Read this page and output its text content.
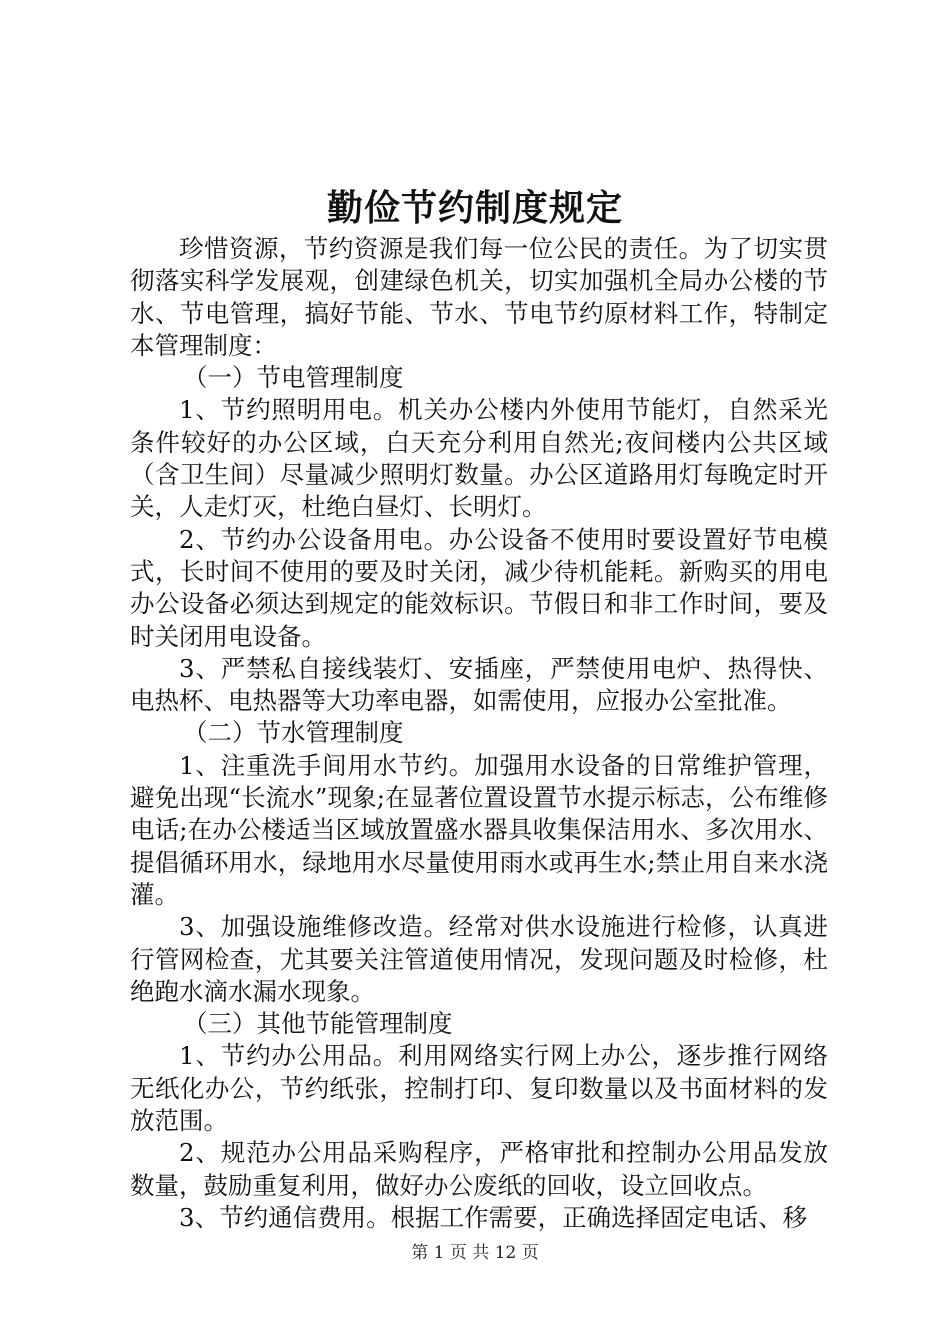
勤俭节约制度规定

珍惜资源，节约资源是我们每一位公民的责任。为了切实贯彻落实科学发展观，创建绿色机关，切实加强机全局办公楼的节水、节电管理，搞好节能、节水、节电节约原材料工作，特制定本管理制度：

（一）节电管理制度

1、节约照明用电。机关办公楼内外使用节能灯，自然采光条件较好的办公区域，白天充分利用自然光;夜间楼内公共区域（含卫生间）尽量减少照明灯数量。办公区道路用灯每晚定时开关，人走灯灭，杜绝白昼灯、长明灯。

2、节约办公设备用电。办公设备不使用时要设置好节电模式，长时间不使用的要及时关闭，减少待机能耗。新购买的用电办公设备必须达到规定的能效标识。节假日和非工作时间，要及时关闭用电设备。

3、严禁私自接线装灯、安插座，严禁使用电炉、热得快、电热杯、电热器等大功率电器，如需使用，应报办公室批准。

（二）节水管理制度

1、注重洗手间用水节约。加强用水设备的日常维护管理，避免出现“长流水”现象;在显著位置设置节水提示标志，公布维修电话;在办公楼适当区域放置盛水器具收集保洁用水、多次用水、提倡循环用水，绿地用水尽量使用雨水或再生水;禁止用自来水浇灌。

3、加强设施维修改造。经常对供水设施进行检修，认真进行管网检查，尤其要关注管道使用情况，发现问题及时检修，杜绝跑水滴水漏水现象。

（三）其他节能管理制度

1、节约办公用品。利用网络实行网上办公，逐步推行网络无纸化办公，节约纸张，控制打印、复印数量以及书面材料的发放范围。

2、规范办公用品采购程序，严格审批和控制办公用品发放数量，鼓励重复利用，做好办公废纸的回收，设立回收点。

3、节约通信费用。根据工作需要，正确选择固定电话、移

第 1 页 共 12 页
